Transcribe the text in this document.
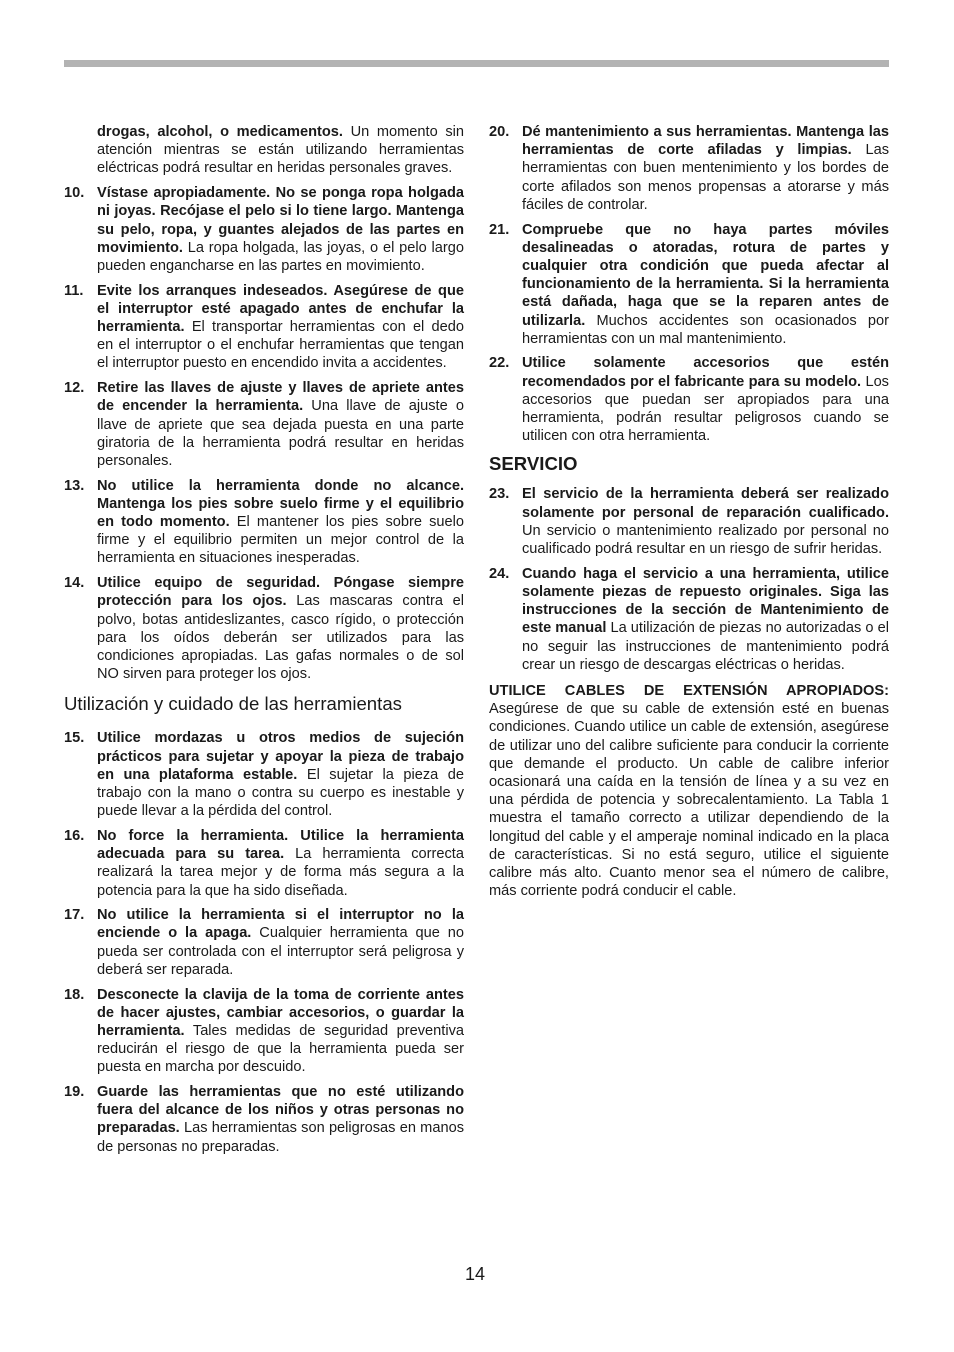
drogas, alcohol, o medicamentos. Un momento sin atención mientras se están utilizando herramientas eléctricas podrá resultar en heridas personales graves.
10. Vístase apropiadamente. No se ponga ropa holgada ni joyas. Recójase el pelo si lo tiene largo. Mantenga su pelo, ropa, y guantes alejados de las partes en movimiento. La ropa holgada, las joyas, o el pelo largo pueden engancharse en las partes en movimiento.
11. Evite los arranques indeseados. Asegúrese de que el interruptor esté apagado antes de enchufar la herramienta. El transportar herramientas con el dedo en el interruptor o el enchufar herramientas que tengan el interruptor puesto en encendido invita a accidentes.
12. Retire las llaves de ajuste y llaves de apriete antes de encender la herramienta. Una llave de ajuste o llave de apriete que sea dejada puesta en una parte giratoria de la herramienta podrá resultar en heridas personales.
13. No utilice la herramienta donde no alcance. Mantenga los pies sobre suelo firme y el equilibrio en todo momento. El mantener los pies sobre suelo firme y el equilibrio permiten un mejor control de la herramienta en situaciones inesperadas.
14. Utilice equipo de seguridad. Póngase siempre protección para los ojos. Las mascaras contra el polvo, botas antideslizantes, casco rígido, o protección para los oídos deberán ser utilizados para las condiciones apropiadas. Las gafas normales o de sol NO sirven para proteger los ojos.
Utilización y cuidado de las herramientas
15. Utilice mordazas u otros medios de sujeción prácticos para sujetar y apoyar la pieza de trabajo en una plataforma estable. El sujetar la pieza de trabajo con la mano o contra su cuerpo es inestable y puede llevar a la pérdida del control.
16. No force la herramienta. Utilice la herramienta adecuada para su tarea. La herramienta correcta realizará la tarea mejor y de forma más segura a la potencia para la que ha sido diseñada.
17. No utilice la herramienta si el interruptor no la enciende o la apaga. Cualquier herramienta que no pueda ser controlada con el interruptor será peligrosa y deberá ser reparada.
18. Desconecte la clavija de la toma de corriente antes de hacer ajustes, cambiar accesorios, o guardar la herramienta. Tales medidas de seguridad preventiva reducirán el riesgo de que la herramienta pueda ser puesta en marcha por descuido.
19. Guarde las herramientas que no esté utilizando fuera del alcance de los niños y otras personas no preparadas. Las herramientas son peligrosas en manos de personas no preparadas.
20. Dé mantenimiento a sus herramientas. Mantenga las herramientas de corte afiladas y limpias. Las herramientas con buen mentenimiento y los bordes de corte afilados son menos propensas a atorarse y más fáciles de controlar.
21. Compruebe que no haya partes móviles desalineadas o atoradas, rotura de partes y cualquier otra condición que pueda afectar al funcionamiento de la herramienta. Si la herramienta está dañada, haga que se la reparen antes de utilizarla. Muchos accidentes son ocasionados por herramientas con un mal mantenimiento.
22. Utilice solamente accesorios que estén recomendados por el fabricante para su modelo. Los accesorios que puedan ser apropiados para una herramienta, podrán resultar peligrosos cuando se utilicen con otra herramienta.
SERVICIO
23. El servicio de la herramienta deberá ser realizado solamente por personal de reparación cualificado. Un servicio o mantenimiento realizado por personal no cualificado podrá resultar en un riesgo de sufrir heridas.
24. Cuando haga el servicio a una herramienta, utilice solamente piezas de repuesto originales. Siga las instrucciones de la sección de Mantenimiento de este manual La utilización de piezas no autorizadas o el no seguir las instrucciones de mantenimiento podrá crear un riesgo de descargas eléctricas o heridas.
UTILICE CABLES DE EXTENSIÓN APROPIADOS: Asegúrese de que su cable de extensión esté en buenas condiciones. Cuando utilice un cable de extensión, asegúrese de utilizar uno del calibre suficiente para conducir la corriente que demande el producto. Un cable de calibre inferior ocasionará una caída en la tensión de línea y a su vez en una pérdida de potencia y sobrecalentamiento. La Tabla 1 muestra el tamaño correcto a utilizar dependiendo de la longitud del cable y el amperaje nominal indicado en la placa de características. Si no está seguro, utilice el siguiente calibre más alto. Cuanto menor sea el número de calibre, más corriente podrá conducir el cable.
14
